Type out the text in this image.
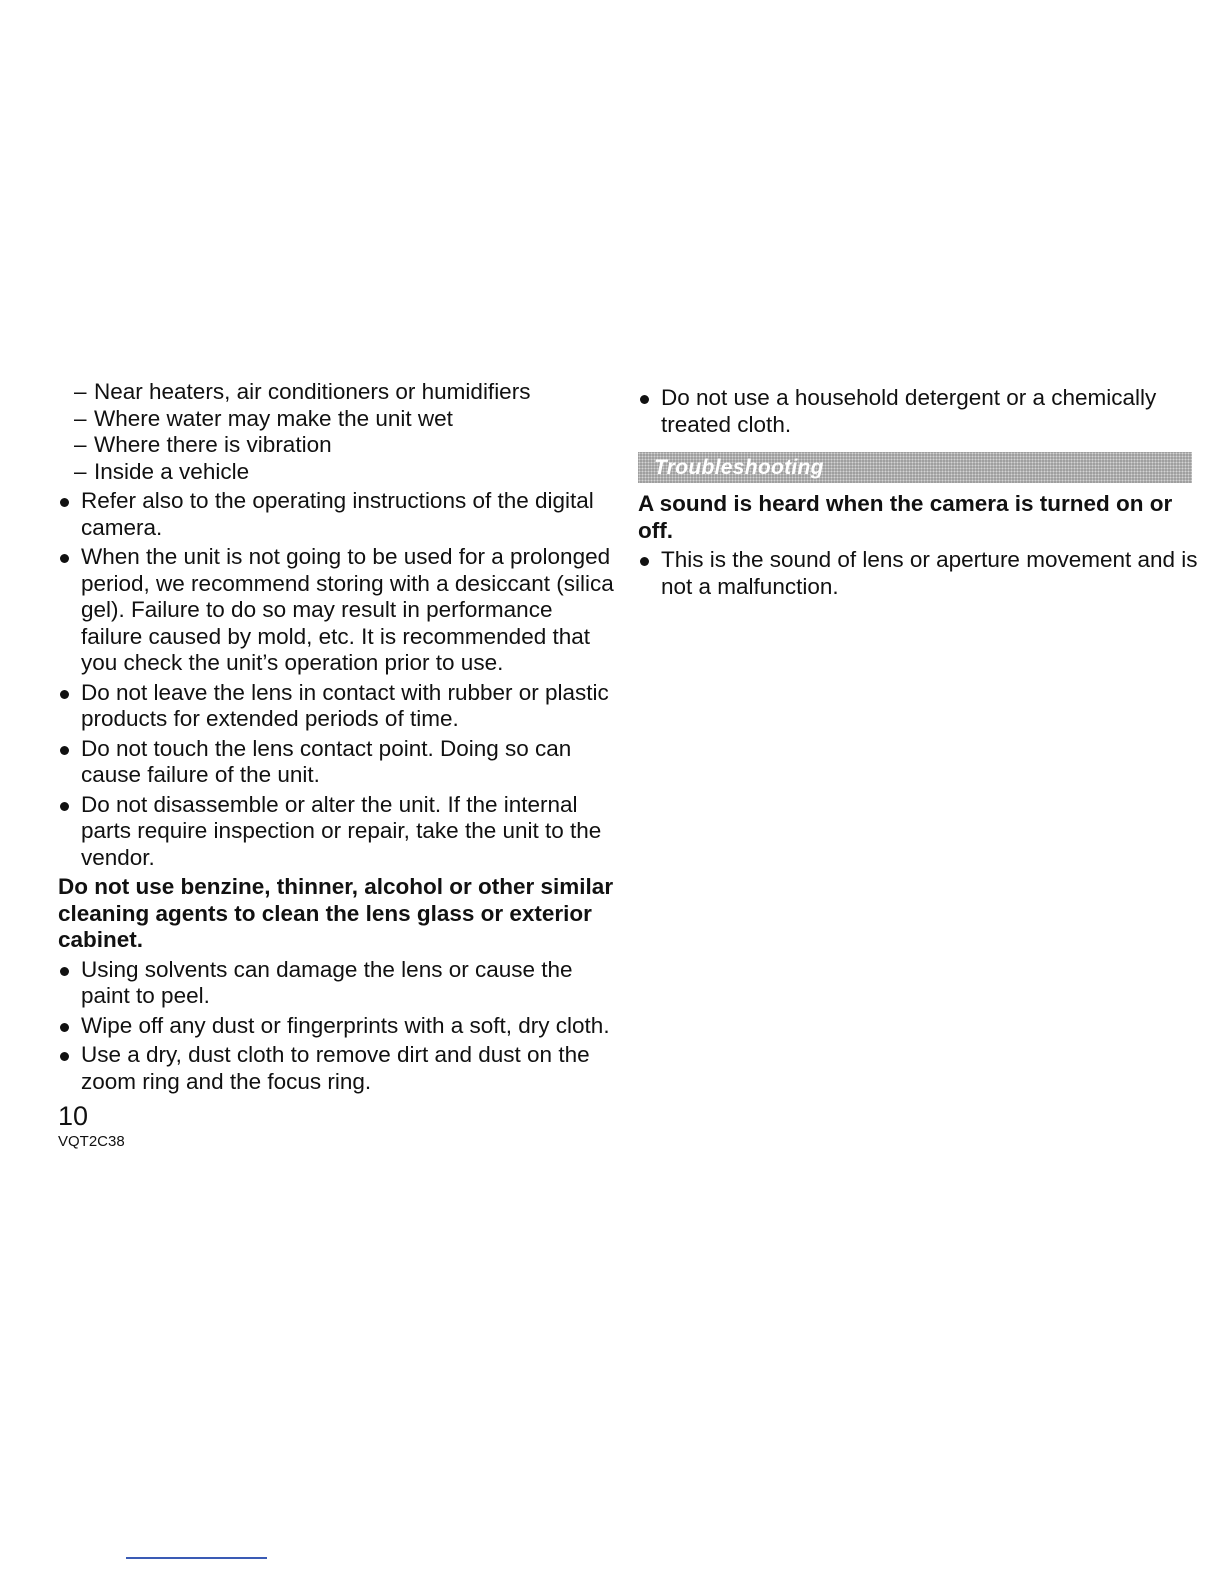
– Near heaters, air conditioners or humidifiers
– Where water may make the unit wet
– Where there is vibration
– Inside a vehicle
Refer also to the operating instructions of the digital camera.
When the unit is not going to be used for a prolonged period, we recommend storing with a desiccant (silica gel). Failure to do so may result in performance failure caused by mold, etc. It is recommended that you check the unit’s operation prior to use.
Do not leave the lens in contact with rubber or plastic products for extended periods of time.
Do not touch the lens contact point. Doing so can cause failure of the unit.
Do not disassemble or alter the unit. If the internal parts require inspection or repair, take the unit to the vendor.
Do not use benzine, thinner, alcohol or other similar cleaning agents to clean the lens glass or exterior cabinet.
Using solvents can damage the lens or cause the paint to peel.
Wipe off any dust or fingerprints with a soft, dry cloth.
Use a dry, dust cloth to remove dirt and dust on the zoom ring and the focus ring.
10
VQT2C38
Do not use a household detergent or a chemically treated cloth.
Troubleshooting
A sound is heard when the camera is turned on or off.
This is the sound of lens or aperture movement and is not a malfunction.
